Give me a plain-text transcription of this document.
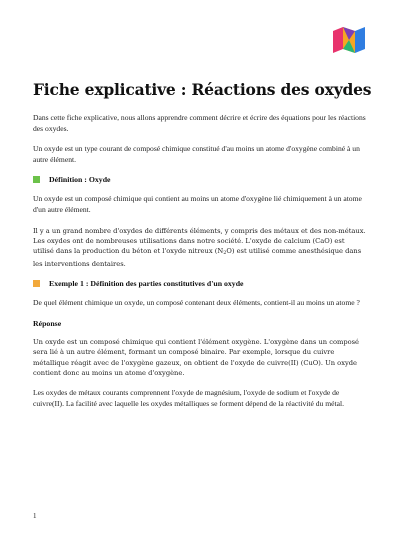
Fiche explicative : Réactions des oxydes

Dans cette fiche explicative, nous allons apprendre comment décrire et écrire des équations pour les réactions des oxydes.

Un oxyde est un type courant de composé chimique constitué d'au moins un atome d'oxygène combiné à un autre élément.

Définition : Oxyde

Un oxyde est un composé chimique qui contient au moins un atome d'oxygène lié chimiquement à un atome d'un autre élément.

Il y a un grand nombre d'oxydes de différents éléments, y compris des métaux et des non-métaux. Les oxydes ont de nombreuses utilisations dans notre société. L'oxyde de calcium (CaO) est utilisé dans la production du béton et l'oxyde nitreux $(N_2O)$ est utilisé comme anesthésique dans les interventions dentaires.

Exemple 1 : Définition des parties constitutives d'un oxyde

De quel élément chimique un oxyde, un composé contenant deux éléments, contient-il au moins un atome ?

Réponse

Un oxyde est un composé chimique qui contient l'élément oxygène. L'oxygène dans un composé sera lié à un autre élément, formant un composé binaire. Par exemple, lorsque du cuivre métallique réagit avec de l'oxygène gazeux, on obtient de l'oxyde de cuivre(II) (CuO). Un oxyde contient donc au moins un atome d'oxygène.

Les oxydes de métaux courants comprennent l'oxyde de magnésium, l'oxyde de sodium et l'oxyde de cuivre(II). La facilité avec laquelle les oxydes métalliques se forment dépend de la réactivité du métal.

1
